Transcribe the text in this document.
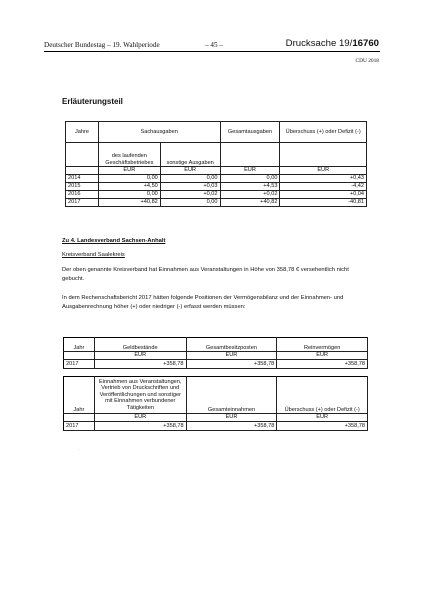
Deutscher Bundestag – 19. Wahlperiode	– 45 –	Drucksache 19/16760
CDU 2018
Erläuterungsteil
Jahre	Sachausgaben		Gesamtausgaben	Überschuss (+) oder Defizit (-)
	des laufenden Geschäftsbetriebes	sonstige Ausgaben		
	EUR	EUR	EUR	EUR
2014	0,00	0,00	0,00	+0,43
2015	+4,50	+0,03	+4,53	-4,42
2016	0,00	+0,02	+0,02	+0,04
2017	+40,82	0,00	+40,82	-40,81
Zu 4. Landesverband Sachsen-Anhalt
Kreisverband Saalekreis
Der oben genannte Kreisverband hat Einnahmen aus Veranstaltungen in Höhe von 358,78 € versehentlich nicht gebucht.
In dem Rechenschaftsbericht 2017 hätten folgende Positionen der Vermögensbilanz und der Einnahmen- und Ausgabenrechnung höher (+) oder niedriger (-) erfasst werden müssen:
Jahr	Geldbestände	Gesamtbesitzposten	Reinvermögen
	EUR	EUR	EUR
2017	+358,78	+358,78	+358,78
Jahr	Einnahmen aus Veranstaltungen, Vertrieb von Druckschriften und Veröffentlichungen und sonstiger mit Einnahmen verbundener Tätigkeiten	Gesamteinnahmen	Überschuss (+) oder Defizit (-)
	EUR	EUR	EUR
2017	+358,78	+358,78	+358,78
·
